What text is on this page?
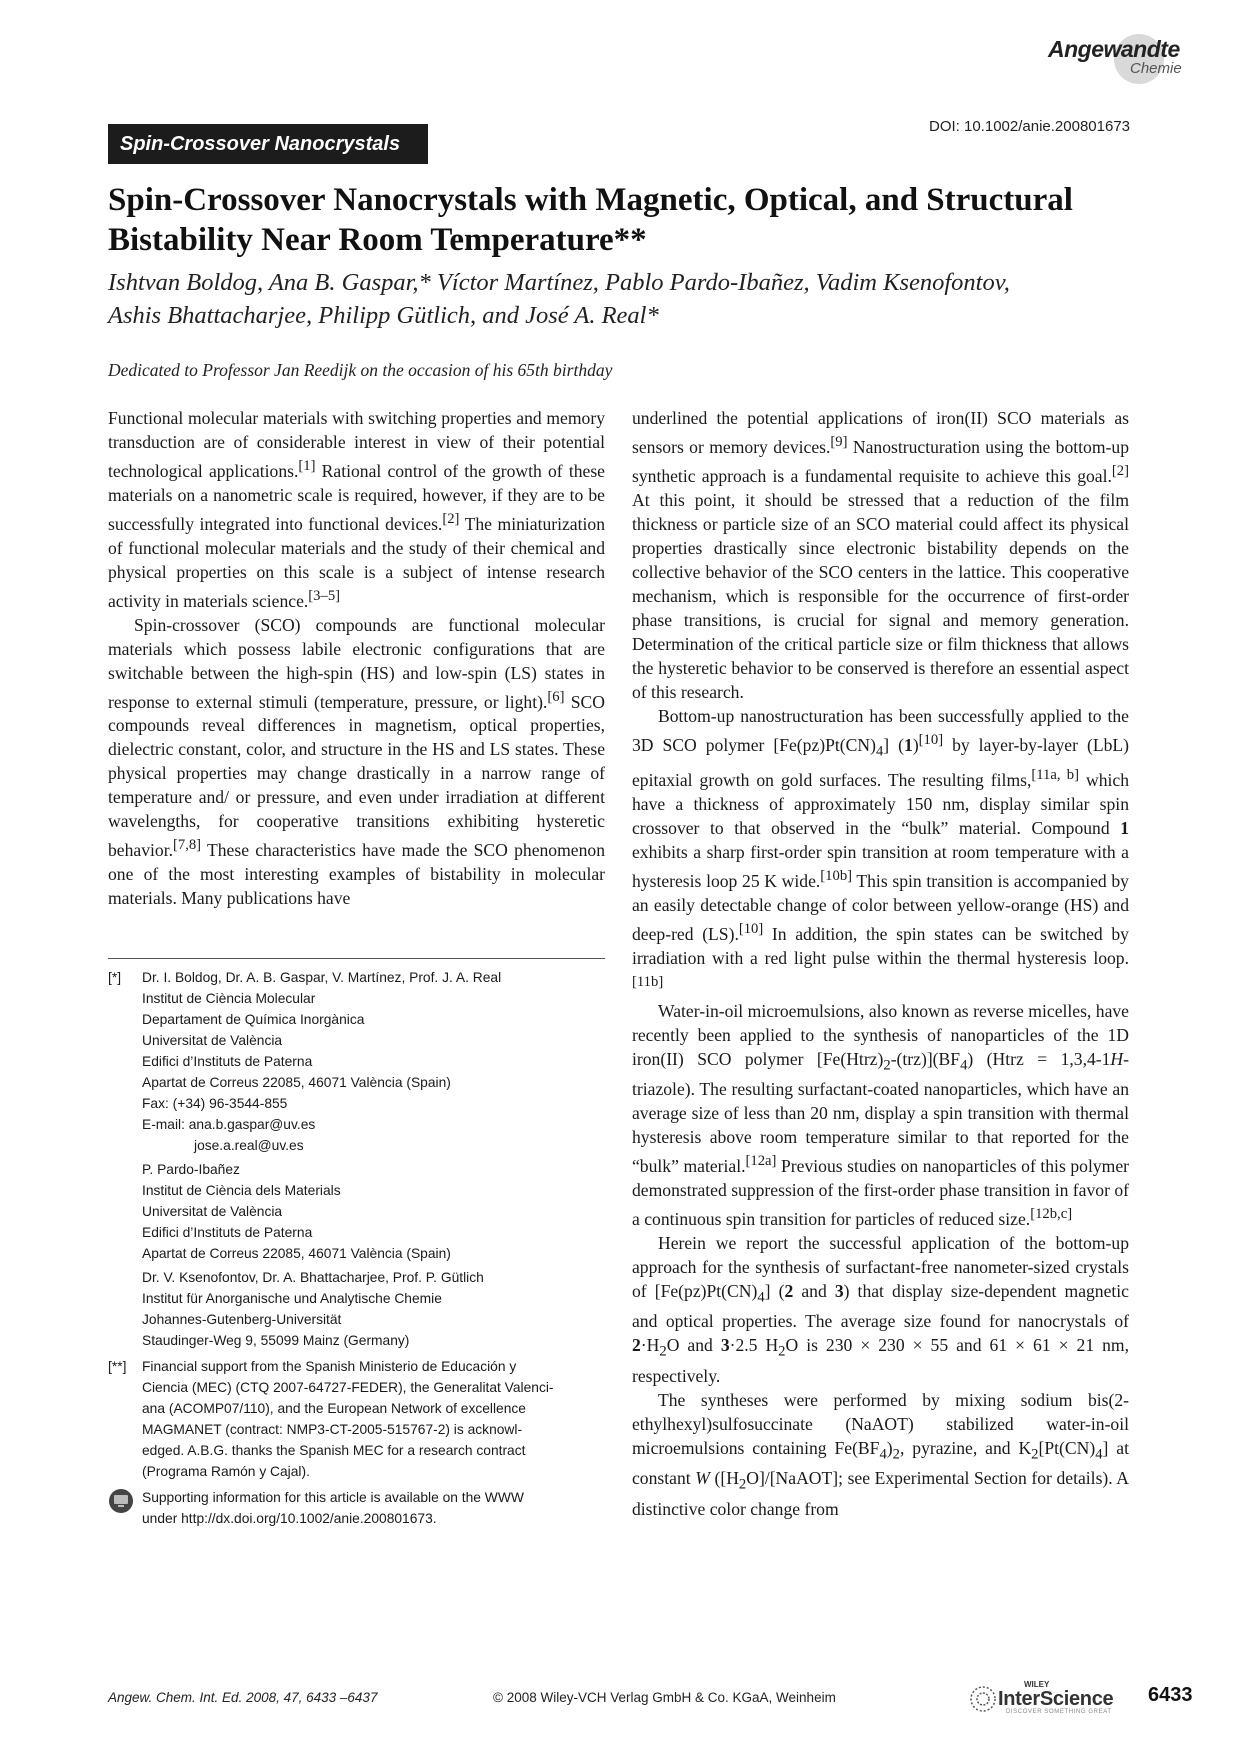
Angewandte
Chemie
DOI: 10.1002/anie.200801673
Spin-Crossover Nanocrystals
Spin-Crossover Nanocrystals with Magnetic, Optical, and Structural Bistability Near Room Temperature**
Ishtvan Boldog, Ana B. Gaspar,* Víctor Martínez, Pablo Pardo-Ibañez, Vadim Ksenofontov,
Ashis Bhattacharjee, Philipp Gütlich, and José A. Real*
Dedicated to Professor Jan Reedijk on the occasion of his 65th birthday

Functional molecular materials with switching properties and memory transduction are of considerable interest in view of their potential technological applications.[1] Rational control of the growth of these materials on a nanometric scale is required, however, if they are to be successfully integrated into functional devices.[2] The miniaturization of functional molecular materials and the study of their chemical and physical properties on this scale is a subject of intense research activity in materials science.[3–5]

Spin-crossover (SCO) compounds are functional molecular materials which possess labile electronic configurations that are switchable between the high-spin (HS) and low-spin (LS) states in response to external stimuli (temperature, pressure, or light).[6] SCO compounds reveal differences in magnetism, optical properties, dielectric constant, color, and structure in the HS and LS states. These physical properties may change drastically in a narrow range of temperature and/ or pressure, and even under irradiation at different wavelengths, for cooperative transitions exhibiting hysteretic behavior.[7,8] These characteristics have made the SCO phenomenon one of the most interesting examples of bistability in molecular materials. Many publications have

underlined the potential applications of iron(II) SCO materials as sensors or memory devices.[9] Nanostructuration using the bottom-up synthetic approach is a fundamental requisite to achieve this goal.[2] At this point, it should be stressed that a reduction of the film thickness or particle size of an SCO material could affect its physical properties drastically since electronic bistability depends on the collective behavior of the SCO centers in the lattice. This cooperative mechanism, which is responsible for the occurrence of first-order phase transitions, is crucial for signal and memory generation. Determination of the critical particle size or film thickness that allows the hysteretic behavior to be conserved is therefore an essential aspect of this research.

Bottom-up nanostructuration has been successfully applied to the 3D SCO polymer $[Fe(pz)Pt(CN)_4]$ (1)[10] by layer-by-layer (LbL) epitaxial growth on gold surfaces. The resulting films,[11a, b] which have a thickness of approximately 150 nm, display similar spin crossover to that observed in the “bulk” material. Compound 1 exhibits a sharp first-order spin transition at room temperature with a hysteresis loop 25 K wide.[10b] This spin transition is accompanied by an easily detectable change of color between yellow-orange (HS) and deep-red (LS).[10] In addition, the spin states can be switched by irradiation with a red light pulse within the thermal hysteresis loop.[11b]

Water-in-oil microemulsions, also known as reverse micelles, have recently been applied to the synthesis of nanoparticles of the 1D iron(II) SCO polymer $[Fe(Htrz)_2-(trz)](BF_4)$ (Htrz = 1,3,4-1H-triazole). The resulting surfactant-coated nanoparticles, which have an average size of less than 20 nm, display a spin transition with thermal hysteresis above room temperature similar to that reported for the “bulk” material.[12a] Previous studies on nanoparticles of this polymer demonstrated suppression of the first-order phase transition in favor of a continuous spin transition for particles of reduced size.[12b,c]

Herein we report the successful application of the bottom-up approach for the synthesis of surfactant-free nanometer-sized crystals of $[Fe(pz)Pt(CN)_4]$ (2 and 3) that display size-dependent magnetic and optical properties. The average size found for nanocrystals of $2\cdot H_2O$ and 3·2.5 $H_2O$ is 230 × 230 × 55 and 61 × 61 × 21 nm, respectively.

The syntheses were performed by mixing sodium bis(2-ethylhexyl)sulfosuccinate (NaAOT) stabilized water-in-oil microemulsions containing $Fe(BF_4)_2$, pyrazine, and $K_2[Pt(CN)_4]$ at constant W ($[H_2O]/[NaAOT]$; see Experimental Section for details). A distinctive color change from

[*]	Dr. I. Boldog, Dr. A. B. Gaspar, V. Martínez, Prof. J. A. Real
Institut de Ciència Molecular
Departament de Química Inorgànica
Universitat de València
Edifici d’Instituts de Paterna
Apartat de Correus 22085, 46071 València (Spain)
Fax: (+34) 96-3544-855
E-mail: ana.b.gaspar@uv.es
jose.a.real@uv.es
P. Pardo-Ibañez
Institut de Ciència dels Materials
Universitat de València
Edifici d’Instituts de Paterna
Apartat de Correus 22085, 46071 València (Spain)
Dr. V. Ksenofontov, Dr. A. Bhattacharjee, Prof. P. Gütlich
Institut für Anorganische und Analytische Chemie
Johannes-Gutenberg-Universität
Staudinger-Weg 9, 55099 Mainz (Germany)
[**]	Financial support from the Spanish Ministerio de Educación y
Ciencia (MEC) (CTQ 2007-64727-FEDER), the Generalitat Valenci-
ana (ACOMP07/110), and the European Network of excellence
MAGMANET (contract: NMP3-CT-2005-515767-2) is acknowl-
edged. A.B.G. thanks the Spanish MEC for a research contract
(Programa Ramón y Cajal).
Supporting information for this article is available on the WWW
under http://dx.doi.org/10.1002/anie.200801673.
Angew. Chem. Int. Ed. 2008, 47, 6433 –6437	© 2008 Wiley-VCH Verlag GmbH & Co. KGaA, Weinheim
WILEY
InterScience
DISCOVER SOMETHING GREAT
6433
